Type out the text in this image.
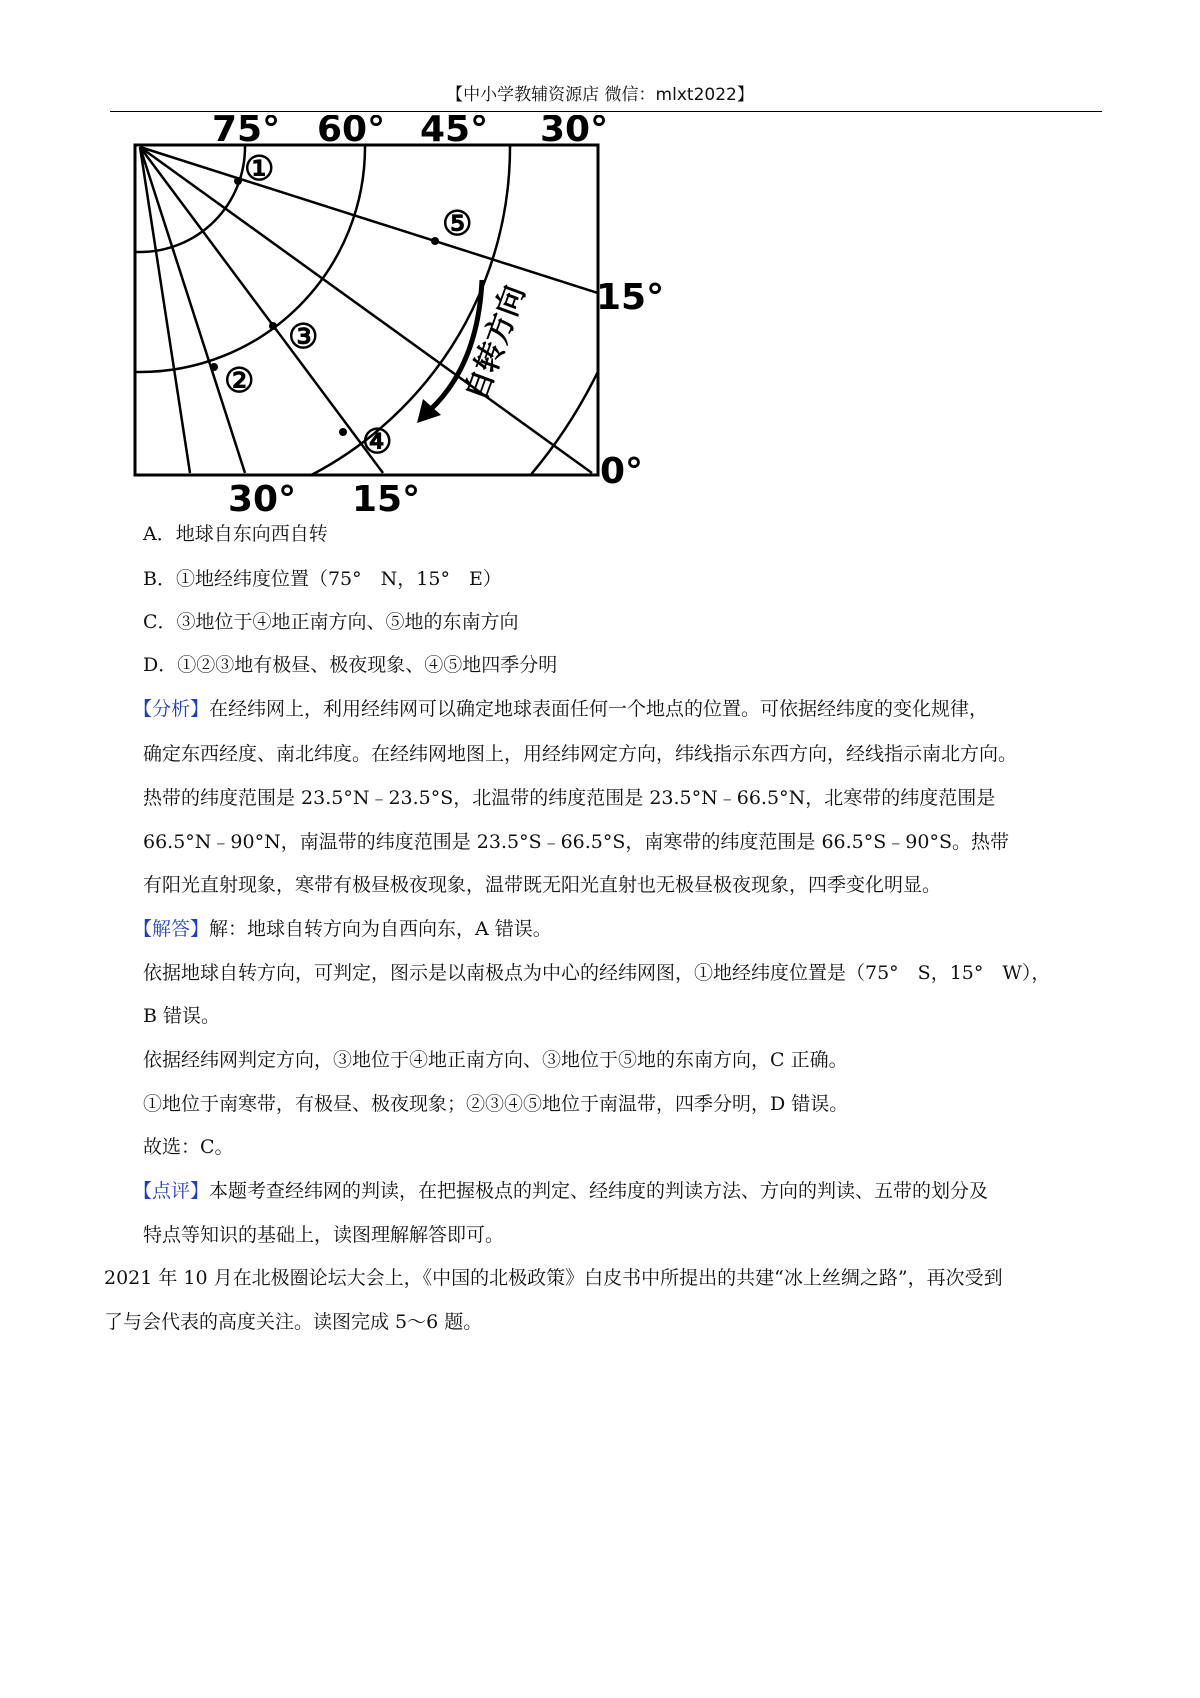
【中小学教辅资源店 微信：mlxt2022】
①
⑤
③
②
④
75° 60° 45° 30°
15°
0°
30° 15°
自转方向

A．地球自东向西自转

B．①地经纬度位置（75°　N，15°　E）

C．③地位于④地正南方向、⑤地的东南方向

D．①②③地有极昼、极夜现象、④⑤地四季分明

【分析】在经纬网上，利用经纬网可以确定地球表面任何一个地点的位置。可依据经纬度的变化规律，

确定东西经度、南北纬度。在经纬网地图上，用经纬网定方向，纬线指示东西方向，经线指示南北方向。

热带的纬度范围是 23.5°N﹣23.5°S，北温带的纬度范围是 23.5°N﹣66.5°N，北寒带的纬度范围是

66.5°N﹣90°N，南温带的纬度范围是 23.5°S﹣66.5°S，南寒带的纬度范围是 66.5°S﹣90°S。热带

有阳光直射现象，寒带有极昼极夜现象，温带既无阳光直射也无极昼极夜现象，四季变化明显。

【解答】解：地球自转方向为自西向东，A 错误。

依据地球自转方向，可判定，图示是以南极点为中心的经纬网图，①地经纬度位置是（75°　S，15°　W），

B 错误。

依据经纬网判定方向，③地位于④地正南方向、③地位于⑤地的东南方向，C 正确。

①地位于南寒带，有极昼、极夜现象；②③④⑤地位于南温带，四季分明，D 错误。

故选：C。

【点评】本题考查经纬网的判读，在把握极点的判定、经纬度的判读方法、方向的判读、五带的划分及

特点等知识的基础上，读图理解解答即可。

2021 年 10 月在北极圈论坛大会上，《中国的北极政策》白皮书中所提出的共建“冰上丝绸之路”，再次受到

了与会代表的高度关注。读图完成 5～6 题。
